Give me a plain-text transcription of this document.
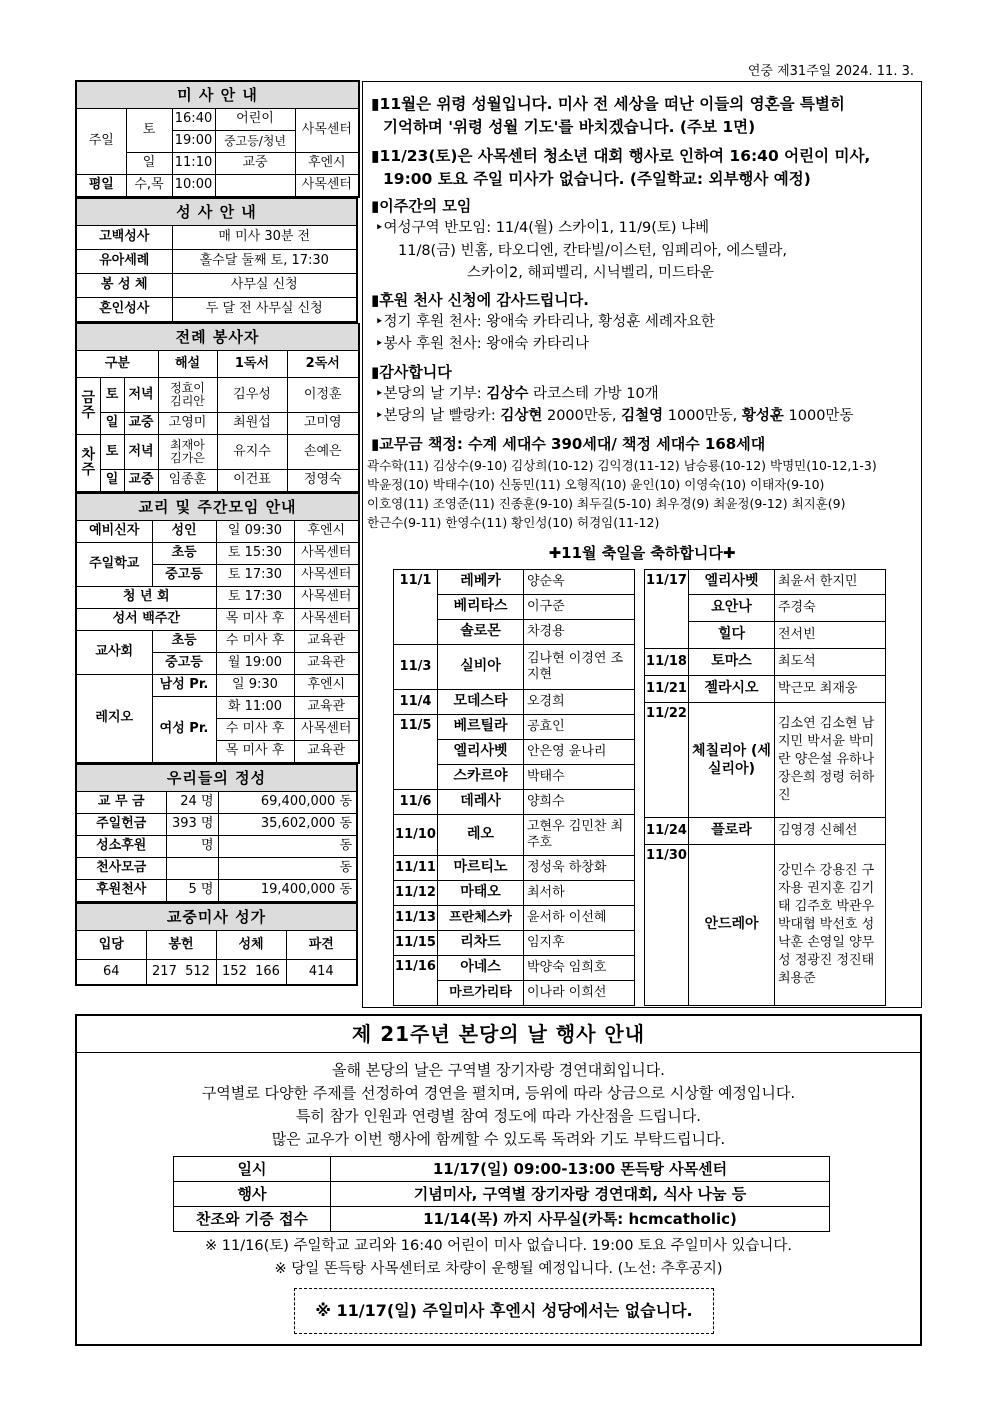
연중 제31주일 2024. 11. 3.
미 사 안 내				
주일	토	16:40	어린이	사목센터
		19:00	중고등/청년	
	일	11:10	교중	후엔시
평일	수,목	10:00		사목센터
성 사 안 내	
고백성사	매 미사 30분 전
유아세례	홀수달 둘째 토, 17:30
봉 성 체	사무실 신청
혼인성사	두 달 전 사무실 신청
전례 봉사자					
구분			해설	1독서	2독서
금주	토	저녁	정효이 김리안	김우성	이정훈
	일	교중	고영미	최원섭	고미영
차주	토	저녁	최재아 김가은	유지수	손예은
	일	교중	임종훈	이건표	정영숙
교리 및 주간모임 안내			
예비신자	성인	일 09:30	후엔시
주일학교	초등	토 15:30	사목센터
	중고등	토 17:30	사목센터
청 년 회		토 17:30	사목센터
성서 백주간		목 미사 후	사목센터
교사회	초등	수 미사 후	교육관
	중고등	월 19:00	교육관
레지오	남성 Pr.	일 9:30	후엔시
	여성 Pr.	화 11:00	교육관
		수 미사 후	사목센터
		목 미사 후	교육관
우리들의 정성		
교 무 금	24 명	69,400,000 동
주일헌금	393 명	35,602,000 동
성소후원	명	동
천사모금		동
후원천사	5 명	19,400,000 동
교중미사 성가			
입당	봉헌	성체	파견
64	217 512	152 166	414
▮11월은 위령 성월입니다. 미사 전 세상을 떠난 이들의 영혼을 특별히
기억하며 '위령 성월 기도'를 바치겠습니다. (주보 1면)
▮11/23(토)은 사목센터 청소년 대회 행사로 인하여 16:40 어린이 미사,
19:00 토요 주일 미사가 없습니다. (주일학교: 외부행사 예정)
▮이주간의 모임
‣여성구역 반모임: 11/4(월) 스카이1, 11/9(토) 냐베
11/8(금) 빈홈, 타오디엔, 칸타빌/이스턴, 임페리아, 에스텔라,
스카이2, 해피벨리, 시닉벨리, 미드타운
▮후원 천사 신청에 감사드립니다.
‣정기 후원 천사: 왕애숙 카타리나, 황성훈 세례자요한
‣봉사 후원 천사: 왕애숙 카타리나
▮감사합니다
‣본당의 날 기부: 김상수 라코스테 가방 10개
‣본당의 날 빨랑카: 김상현 2000만동, 김철영 1000만동, 황성훈 1000만동
▮교무금 책정: 수계 세대수 390세대/ 책정 세대수 168세대
곽수학(11) 김상수(9-10) 김상희(10-12) 김익경(11-12) 남승룡(10-12) 박명민(10-12,1-3)
박윤정(10) 박태수(10) 신동민(11) 오형직(10) 윤인(10) 이영숙(10) 이태자(9-10)
이호영(11) 조영준(11) 진종훈(9-10) 최두길(5-10) 최우경(9) 최윤정(9-12) 최지훈(9)
한근수(9-11) 한영수(11) 황인성(10) 허경임(11-12)
✚11월 축일을 축하합니다✚
11/1	레베카	양순옥
	베리타스	이구준
	솔로몬	차경용
11/3	실비아	김나현 이경연 조지현
11/4	모데스타	오경희
11/5	베르틸라	공효인
	엘리사벳	안은영 윤나리
	스카르야	박태수
11/6	데레사	양희수
11/10	레오	고현우 김민찬 최주호
11/11	마르티노	정성욱 하창화
11/12	마태오	최서하
11/13	프란체스카	윤서하 이선혜
11/15	리차드	임지후
11/16	아네스	박양숙 임희호
	마르가리타	이나라 이희선
11/17	엘리사벳	최윤서 한지민
	요안나	주경숙
	힐다	전서빈
11/18	토마스	최도석
11/21	젤라시오	박근모 최재웅
11/22	체칠리아 (세실리아)	김소연 김소현 남지민 박서윤 박미란 양은설 유하나 장은희 정령 허하진
11/24	플로라	김영경 신혜선
11/30	안드레아	강민수 강용진 구자용 권지훈 김기태 김주호 박관우 박대협 박선호 성낙훈 손영일 양무성 정광진 정진태 최용준
제 21주년 본당의 날 행사 안내
올해 본당의 날은 구역별 장기자랑 경연대회입니다.
구역별로 다양한 주제를 선정하여 경연을 펼치며, 등위에 따라 상금으로 시상할 예정입니다.
특히 참가 인원과 연령별 참여 정도에 따라 가산점을 드립니다.
많은 교우가 이번 행사에 함께할 수 있도록 독려와 기도 부탁드립니다.
일시	11/17(일) 09:00-13:00 똔득탕 사목센터
행사	기념미사, 구역별 장기자랑 경연대회, 식사 나눔 등
찬조와 기증 접수	11/14(목) 까지 사무실(카톡: hcmcatholic)
※ 11/16(토) 주일학교 교리와 16:40 어린이 미사 없습니다. 19:00 토요 주일미사 있습니다.
※ 당일 똔득탕 사목센터로 차량이 운행될 예정입니다. (노선: 추후공지)
※ 11/17(일) 주일미사 후엔시 성당에서는 없습니다.
